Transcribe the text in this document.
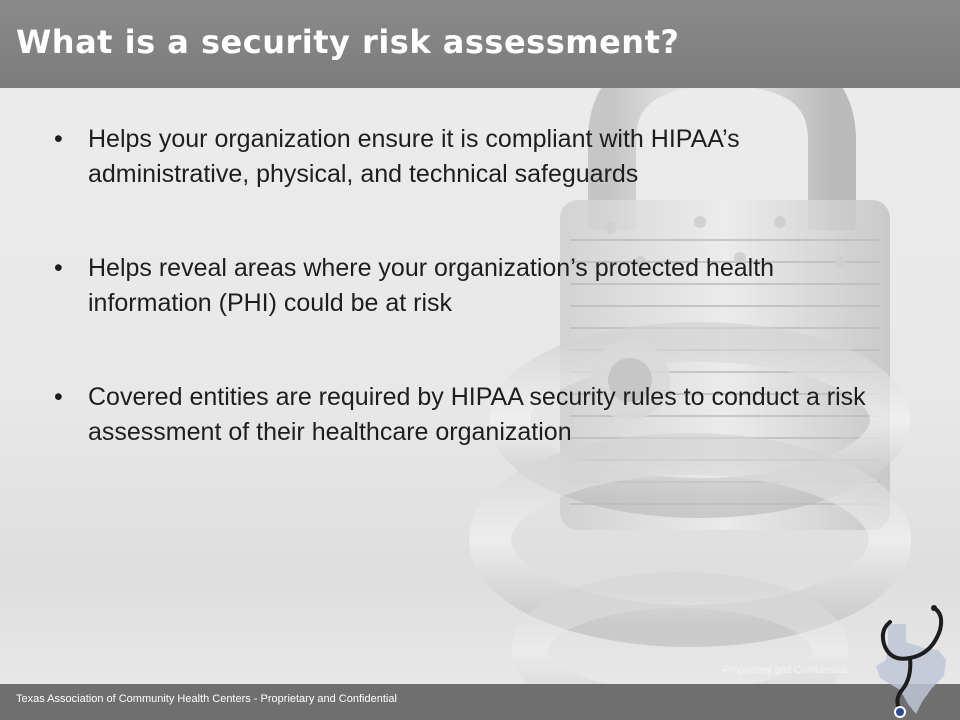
What is a security risk assessment?
• Helps your organization ensure it is compliant with HIPAA’s administrative, physical, and technical safeguards
• Helps reveal areas where your organization’s protected health information (PHI) could be at risk
• Covered entities are required by HIPAA security rules to conduct a risk assessment of their healthcare organization
Proprietary and Confidential
Texas Association of Community Health Centers - Proprietary and Confidential
